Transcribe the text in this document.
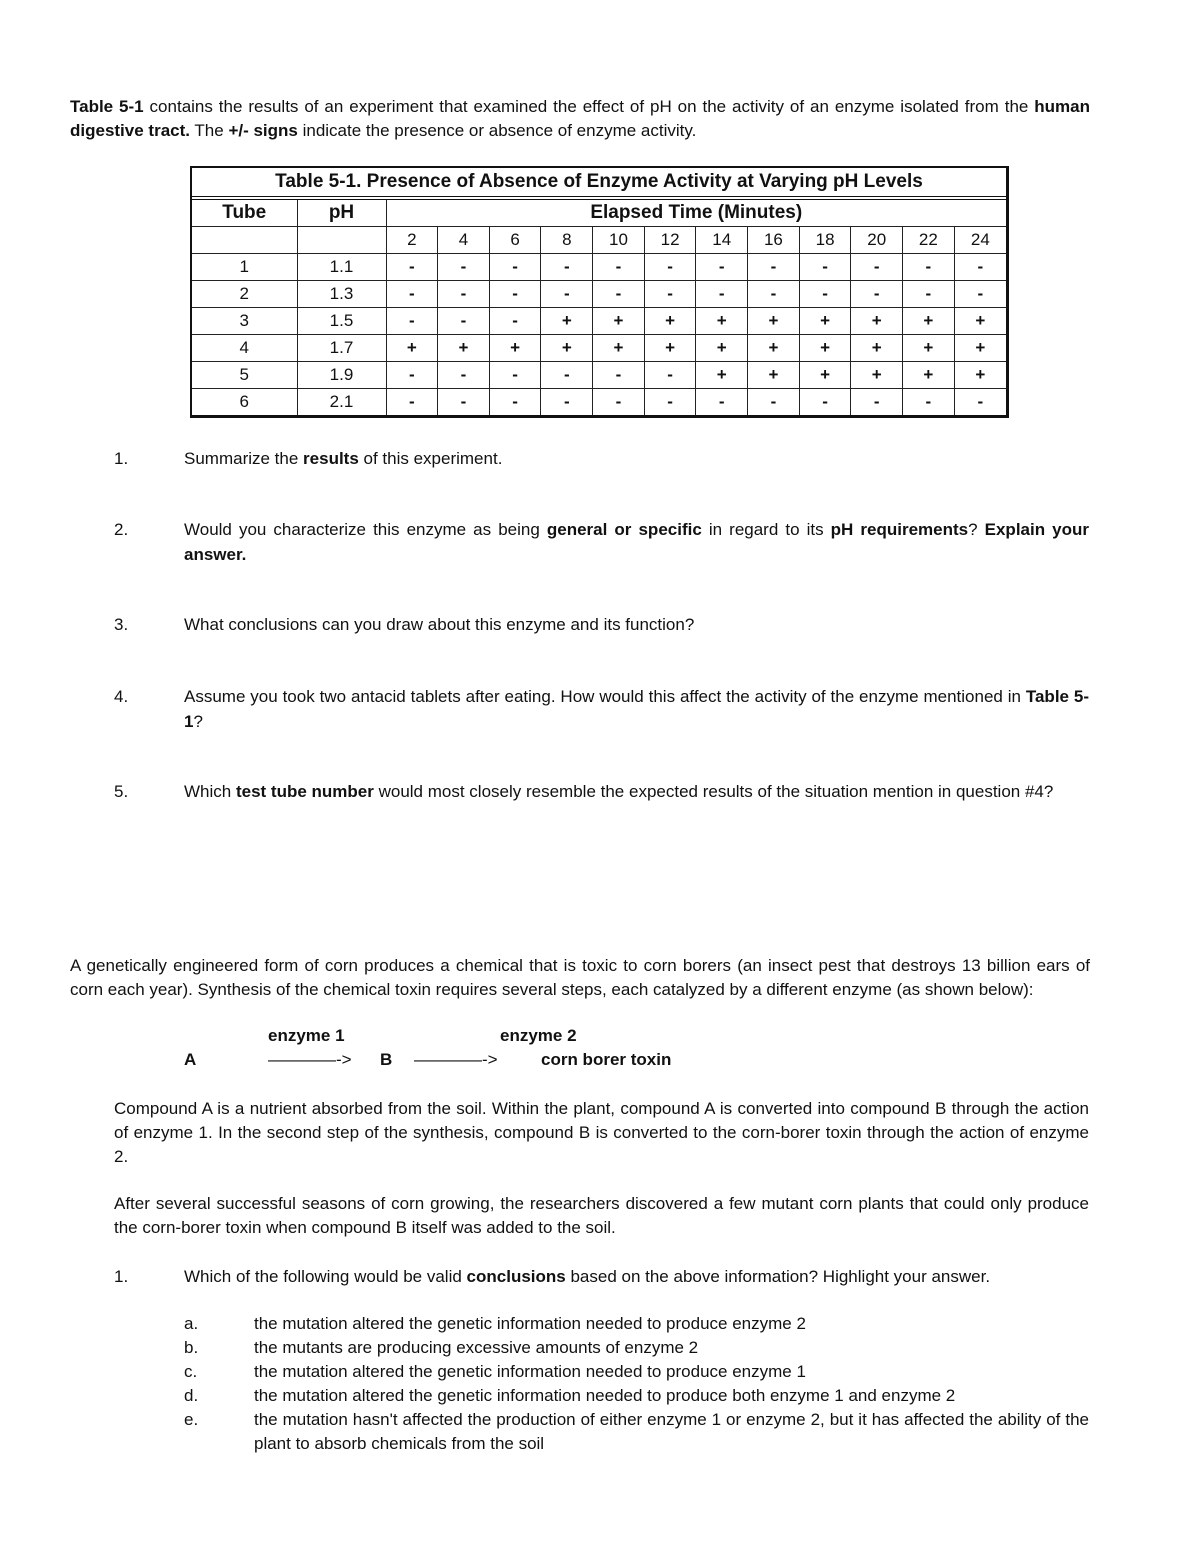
Table 5-1 contains the results of an experiment that examined the effect of pH on the activity of an enzyme isolated from the human digestive tract. The +/- signs indicate the presence or absence of enzyme activity.
Table 5-1. Presence of Absence of Enzyme Activity at Varying pH Levels
Tube	pH	Elapsed Time (Minutes)											
		2	4	6	8	10	12	14	16	18	20	22	24
1	1.1	-	-	-	-	-	-	-	-	-	-	-	-
2	1.3	-	-	-	-	-	-	-	-	-	-	-	-
3	1.5	-	-	-	+	+	+	+	+	+	+	+	+
4	1.7	+	+	+	+	+	+	+	+	+	+	+	+
5	1.9	-	-	-	-	-	-	+	+	+	+	+	+
6	2.1	-	-	-	-	-	-	-	-	-	-	-	-
1.	Summarize the results of this experiment.
2.	Would you characterize this enzyme as being general or specific in regard to its pH requirements? Explain your answer.
3.	What conclusions can you draw about this enzyme and its function?
4.	Assume you took two antacid tablets after eating. How would this affect the activity of the enzyme mentioned in Table 5-1?
5.	Which test tube number would most closely resemble the expected results of the situation mention in question #4?
A genetically engineered form of corn produces a chemical that is toxic to corn borers (an insect pest that destroys 13 billion ears of corn each year). Synthesis of the chemical toxin requires several steps, each catalyzed by a different enzyme (as shown below):
enzyme 1	enzyme 2
A	————-> B ————->	corn borer toxin
Compound A is a nutrient absorbed from the soil. Within the plant, compound A is converted into compound B through the action of enzyme 1. In the second step of the synthesis, compound B is converted to the corn-borer toxin through the action of enzyme 2.
After several successful seasons of corn growing, the researchers discovered a few mutant corn plants that could only produce the corn-borer toxin when compound B itself was added to the soil.
1.	Which of the following would be valid conclusions based on the above information? Highlight your answer.
a.	the mutation altered the genetic information needed to produce enzyme 2
b.	the mutants are producing excessive amounts of enzyme 2
c.	the mutation altered the genetic information needed to produce enzyme 1
d.	the mutation altered the genetic information needed to produce both enzyme 1 and enzyme 2
e.	the mutation hasn't affected the production of either enzyme 1 or enzyme 2, but it has affected the ability of the plant to absorb chemicals from the soil
